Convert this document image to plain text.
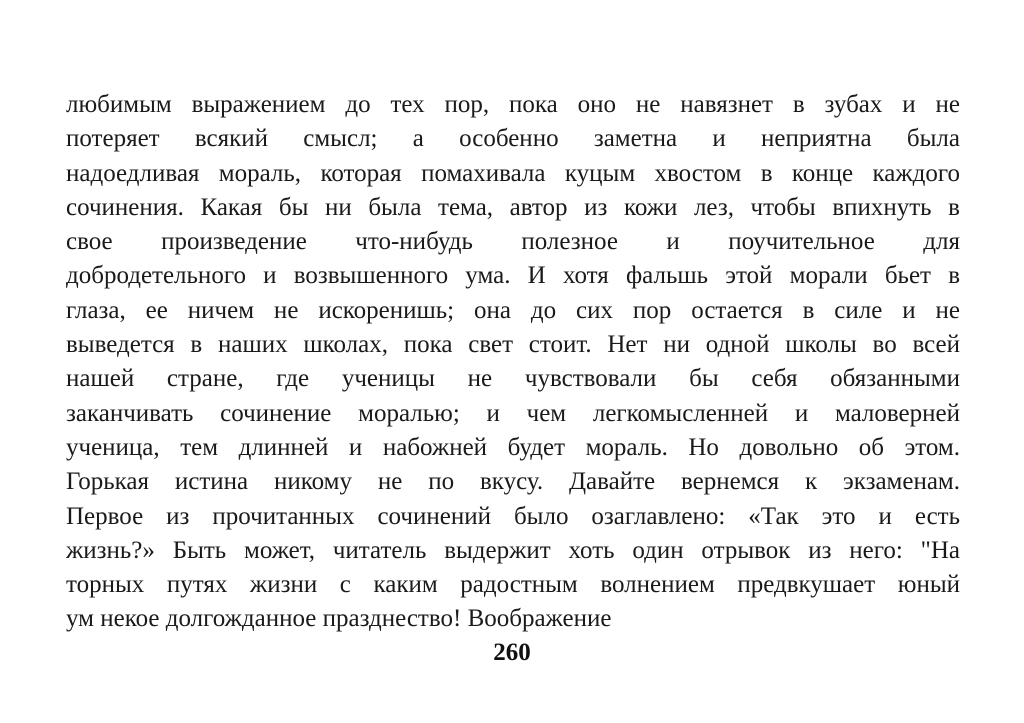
любимым выражением до тех пор, пока оно не навязнет в зубах и не
потеряет всякий смысл; а особенно заметна и неприятна была
надоедливая мораль, которая помахивала куцым хвостом в конце каждого
сочинения. Какая бы ни была тема, автор из кожи лез, чтобы впихнуть в
свое произведение что-нибудь полезное и поучительное для
добродетельного и возвышенного ума. И хотя фальшь этой морали бьет в
глаза, ее ничем не искоренишь; она до сих пор остается в силе и не
выведется в наших школах, пока свет стоит. Нет ни одной школы во всей
нашей стране, где ученицы не чувствовали бы себя обязанными
заканчивать сочинение моралью; и чем легкомысленней и маловерней
ученица, тем длинней и набожней будет мораль. Но довольно об этом.
Горькая истина никому не по вкусу. Давайте вернемся к экзаменам.
Первое из прочитанных сочинений было озаглавлено: «Так это и есть
жизнь?» Быть может, читатель выдержит хоть один отрывок из него: "На
торных путях жизни с каким радостным волнением предвкушает юный
ум некое долгожданное празднество! Воображение
260
